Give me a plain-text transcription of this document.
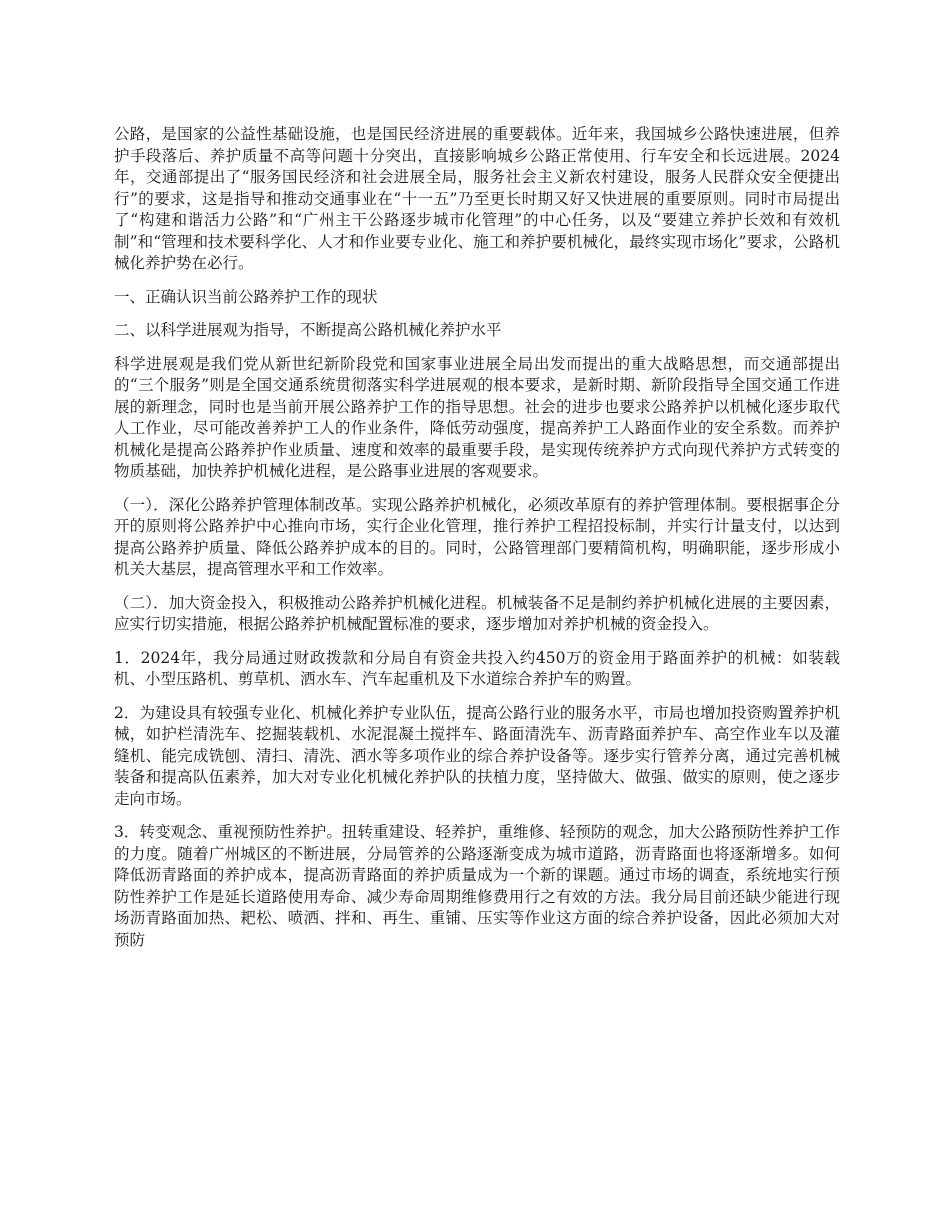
公路，是国家的公益性基础设施，也是国民经济进展的重要载体。近年来，我国城乡公路快速进展，但养护手段落后、养护质量不高等问题十分突出，直接影响城乡公路正常使用、行车安全和长远进展。2024年，交通部提出了“服务国民经济和社会进展全局，服务社会主义新农村建设，服务人民群众安全便捷出行”的要求，这是指导和推动交通事业在“十一五”乃至更长时期又好又快进展的重要原则。同时市局提出了“构建和谐活力公路”和“广州主干公路逐步城市化管理”的中心任务，以及“要建立养护长效和有效机制”和“管理和技术要科学化、人才和作业要专业化、施工和养护要机械化，最终实现市场化”要求，公路机械化养护势在必行。

一、正确认识当前公路养护工作的现状

二、以科学进展观为指导，不断提高公路机械化养护水平

科学进展观是我们党从新世纪新阶段党和国家事业进展全局出发而提出的重大战略思想，而交通部提出的“三个服务”则是全国交通系统贯彻落实科学进展观的根本要求，是新时期、新阶段指导全国交通工作进展的新理念，同时也是当前开展公路养护工作的指导思想。社会的进步也要求公路养护以机械化逐步取代人工作业，尽可能改善养护工人的作业条件，降低劳动强度，提高养护工人路面作业的安全系数。而养护机械化是提高公路养护作业质量、速度和效率的最重要手段，是实现传统养护方式向现代养护方式转变的物质基础，加快养护机械化进程，是公路事业进展的客观要求。

（一）．深化公路养护管理体制改革。实现公路养护机械化，必须改革原有的养护管理体制。要根据事企分开的原则将公路养护中心推向市场，实行企业化管理，推行养护工程招投标制，并实行计量支付，以达到提高公路养护质量、降低公路养护成本的目的。同时，公路管理部门要精简机构，明确职能，逐步形成小机关大基层，提高管理水平和工作效率。

（二）．加大资金投入，积极推动公路养护机械化进程。机械装备不足是制约养护机械化进展的主要因素，应实行切实措施，根据公路养护机械配置标准的要求，逐步增加对养护机械的资金投入。

1．2024年，我分局通过财政拨款和分局自有资金共投入约450万的资金用于路面养护的机械：如装载机、小型压路机、剪草机、洒水车、汽车起重机及下水道综合养护车的购置。

2．为建设具有较强专业化、机械化养护专业队伍，提高公路行业的服务水平，市局也增加投资购置养护机械，如护栏清洗车、挖掘装载机、水泥混凝土搅拌车、路面清洗车、沥青路面养护车、高空作业车以及灌缝机、能完成铣刨、清扫、清洗、洒水等多项作业的综合养护设备等。逐步实行管养分离，通过完善机械装备和提高队伍素养，加大对专业化机械化养护队的扶植力度，坚持做大、做强、做实的原则，使之逐步走向市场。

3．转变观念、重视预防性养护。扭转重建设、轻养护，重维修、轻预防的观念，加大公路预防性养护工作的力度。随着广州城区的不断进展，分局管养的公路逐渐变成为城市道路，沥青路面也将逐渐增多。如何降低沥青路面的养护成本，提高沥青路面的养护质量成为一个新的课题。通过市场的调查，系统地实行预防性养护工作是延长道路使用寿命、减少寿命周期维修费用行之有效的方法。我分局目前还缺少能进行现场沥青路面加热、耙松、喷洒、拌和、再生、重铺、压实等作业这方面的综合养护设备，因此必须加大对预防
